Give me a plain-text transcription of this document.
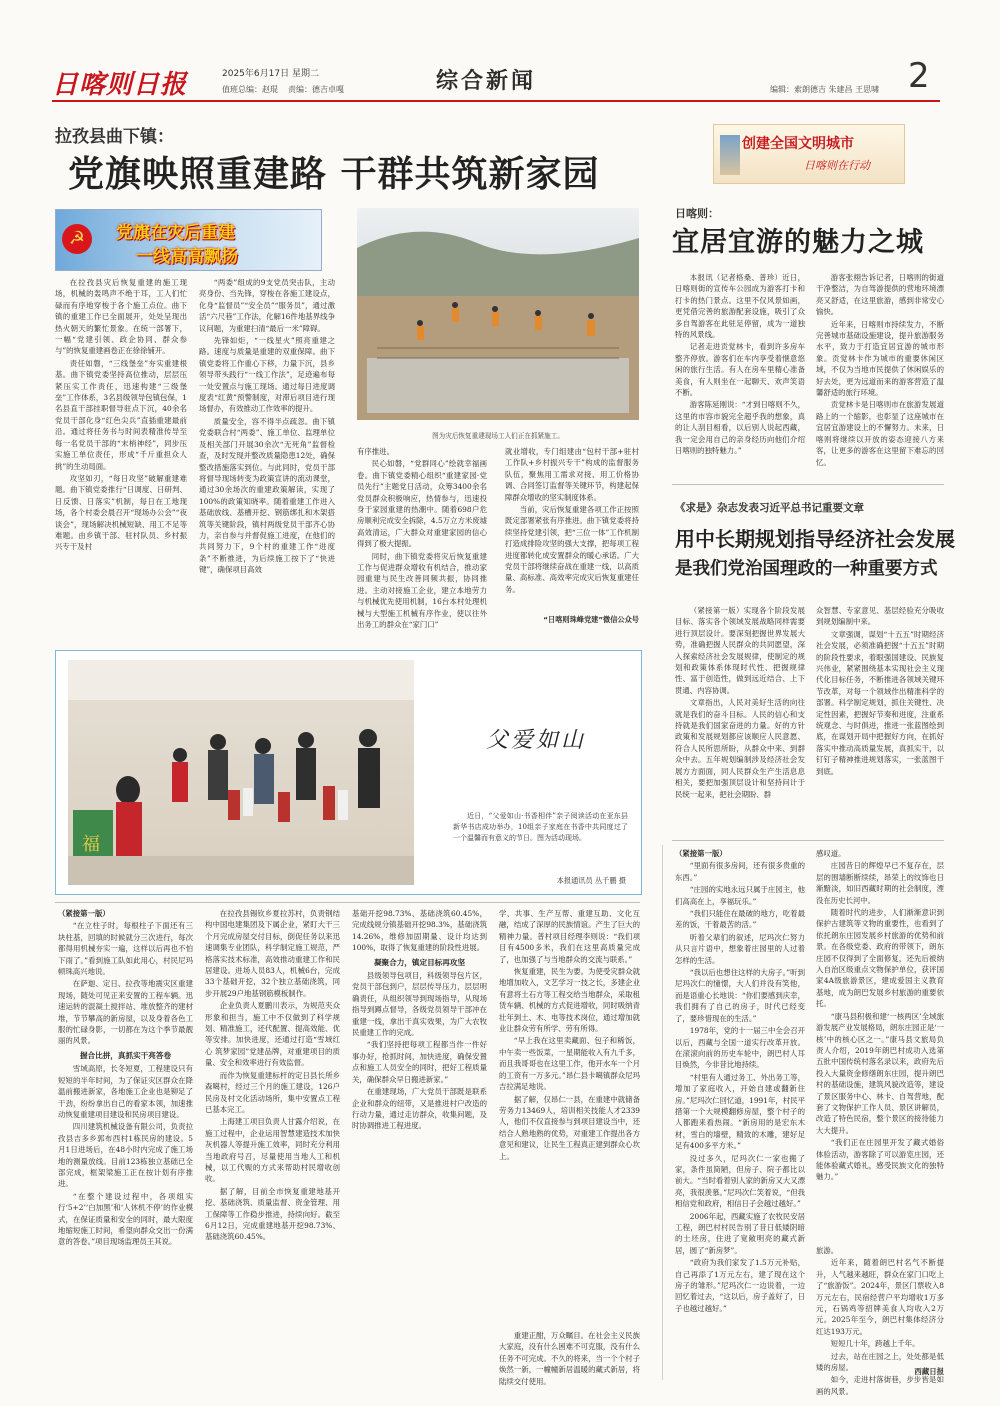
日喀则日报	2025年6月17日 星期二
值班总编：赵琨 责编：德吉卓嘎	综合新闻	2
编辑：索朗德吉 朱建昌 王思啸
拉孜县曲下镇：
党旗映照重建路 干群共筑新家园
☭	党旗在灾后重建
一线高高飘扬

在拉孜县灾后恢复重建的施工现场，机械的轰鸣声不绝于耳，工人们忙碌而有序地穿梭于各个施工点位。曲下镇的重建工作已全面展开，处处呈现出热火朝天的繁忙景象。在统一部署下，一幅“党建引领、政企协同、群众参与”的恢复重建画卷正在徐徐铺开。

责任如磐，“三线堡垒”夯实重建根基。曲下镇党委坚持高位推动，层层压紧压实工作责任，迅速构建“三级堡垒”工作体系，3名县级领导包镇包保，1名县直干部挂职督导驻点下沉，40余名党员干部化身“红色尖兵”直插重建最前沿。通过将任务书与时间表精准传导至每一名党员干部的“末梢神经”，同步压实施工单位责任，形成“千斤重担众人挑”的生动局面。

攻坚如刃，“每日攻坚”破解重建难题。曲下镇党委推行“日调度、日研判、日反馈、日落实”机制，每日在工地现场，各个村委会晨召开“现场办公会”“夜谈会”，现场解决机械短缺、用工不足等难题。由乡镇干部、驻村队员、乡村振兴专干及村

“两委”组成的9支党员突击队，主动亮身份、当先锋，穿梭在各施工建设点，化身“监督员”“安全员”“服务员”，通过激活“六尺巷”工作法，化解16件地基界线争议问题，为重建扫清“最后一米”障碍。

先锋如炬，“一线星火”照亮重建之路。速度与质量是重建的双重保障。曲下镇党委将工作重心下移，力量下沉，县乡领导带头践行“一线工作法”，足迹遍布每一处安置点与施工现场。通过每日进度调度表“红黄”预警制度，对滞后项目进行现场督办，有效推动工作效率的提升。

质量安全，容不得半点疏忽。曲下镇党委联合村“两委”、施工单位、监理单位及相关部门开展30余次“无死角”监督检查，及时发现并整改质量隐患12处，确保整改措施落实到位。与此同时，党员干部将督导现场转变为政策宣讲的流动课堂，通过30余场次的重建政策解读，实现了100%的政策知晓率。随着重建工作进入基础放线、基槽开挖、钢筋绑扎和木架搭筑等关键阶段，镇村两级党员干部齐心协力，亲自参与并督促施工进度，在他们的共同努力下，9个村的重建工作“进度条”不断推进，为后续施工按下了“快进键”，确保项目高效

图为灾后恢复重建现场工人们正在抓紧施工。

有序推进。

民心如磐，“党群同心”绘就幸福画卷。曲下镇党委精心组织“重建家园·党员先行”主题党日活动，众筹3400余名党员群众积极响应，热情参与，迅速投身于家园重建的热潮中。随着698户危房顺利完成安全拆除，4.5万立方米废墟高效清运，广大群众对重建家园的信心得到了极大提振。

同时，曲下镇党委将灾后恢复重建工作与促进群众增收有机结合，推动家园重建与民生改善同频共振，协同推进。主动对接施工企业，建立本地劳力与机械优先使用机制，16台本村处理机械与大型施工机械有序作业，使以往外出务工的群众在“家门口”

就业增收，专门组建由“包村干部+驻村工作队+乡村振兴专干”构成的监督服务队伍，聚焦用工需求对接、用工价格协调、合同签订监督等关键环节，构建起保障群众增收的坚实制度体系。

当前，灾后恢复重建各项工作正按照既定部署紧张有序推进。曲下镇党委将持续坚持党建引领，把“三位一体”工作机制打造成排险攻坚的强大支撑，把每项工程进度都转化成安置群众的暖心承诺。广大党员干部将继续奋战在重建一线，以高质量、高标准、高效率完成灾后恢复重建任务。

“日喀则珠峰党建”微信公众号
创建全国文明城市
日喀则在行动
日喀则：
宜居宜游的魅力之城

本报讯（记者格桑、普珍）近日，日喀则街的宣传车公园成为游客打卡和打卡的热门景点。这里不仅风景如画，更凭借完善的旅游配套设施，吸引了众多自驾游客在此驻足停留，成为一道独特的风景线。

记者走进贡觉林卡，看到许多房车整齐停放。游客们在车内享受着惬意悠闲的旅行生活。有人在房车里精心准备美食，有人则坐在一起聊天、欢声笑语不断。

游客陈延刚说：“才到日喀则不久，这里的市容市貌完全超乎我的想象，真的让人刮目相看，以后别人说起西藏，我一定会用自己的亲身经历向他们介绍日喀则的独特魅力。”

游客张栩告诉记者，日喀则的街道干净整洁，为自驾游提供的营地环境漂亮又舒适，在这里旅游，感到非常安心愉快。

近年来，日喀则市持续发力，不断完善城市基础设施建设，提升旅游服务水平，致力于打造宜居宜游的城市形象。贡觉林卡作为城市的重要休闲区域，不仅为当地市民提供了休闲娱乐的好去处，更为远道而来的游客营造了温馨舒适的旅行环境。

贡觉林卡是日喀则市在旅游发展道路上的一个缩影，也彰显了这座城市在宜居宜游建设上的不懈努力。未来，日喀则将继续以开放的姿态迎接八方来客，让更多的游客在这里留下难忘的回忆。

《求是》杂志发表习近平总书记重要文章
用中长期规划指导经济社会发展
是我们党治国理政的一种重要方式

（紧接第一版）实现各个阶段发展目标、落实各个领域发展战略同样需要进行顶层设计。要深刻把握世界发展大势，准确把握人民群众的共同愿望，深入探索经济社会发展规律，使制定的规划和政策体系体现时代性、把握规律性、富于创造性，做到远近结合、上下贯通、内容协调。

文章指出，人民对美好生活的向往就是我们的奋斗目标。人民的信心和支持就是我们国家奋进的力量。好的方针政策和发展规划都应该顺应人民意愿、符合人民所思所盼，从群众中来、到群众中去。五年规划编制涉及经济社会发展方方面面，同人民群众生产生活息息相关，要把加强顶层设计和坚持问计于民统一起来，把社会期盼、群

众智慧、专家意见、基层经验充分吸收到规划编制中来。

文章强调，谋划“十五五”时期经济社会发展，必须准确把握“十五五”时期的阶段性要求，着眼强国建设、民族复兴伟业，紧紧围绕基本实现社会主义现代化目标任务，不断推进各领域关键环节改革，对每一个领域作出精准科学的部署。科学制定规划，抓住关键性、决定性因素，把握好节奏和进度，注重系统观念、与时俱进，推进一张蓝图绘到底，在谋划开局中把握好方向，在抓好落实中推动高质量发展，真抓实干，以钉钉子精神推进规划落实，一张蓝图干到底。

福
父爱如山
近日，“父爱如山·书香相伴”亲子阅读活动在亚东县新华书店成功举办，10组亲子家庭在书香中共同度过了一个温馨而有意义的节日。图为活动现场。
本报通讯员 丛千鹏 摄

（紧接第一版）

“在立柱子时，每根柱子下面还有三块柱基，回填的时候就分三次进行，每次都得用机械夯实一遍，这样以后再也不怕下雨了。”看到施工队如此用心，村民尼玛顿珠高兴地说。

在萨迦、定日、拉孜等地震灾区重建现场，随处可见正来安置的工程车辆。迅速运转的混凝土搅拌站、堆放整齐的建材堆，节节攀高的新房屋，以及身着各色工服的忙碌身影，一切都在为这个季节最靓丽的风景。

握合比拼，真抓实干亮答卷

雪域高原，长冬短夏，工程建设只有短短的半年时间，为了保证灾区群众在降温前搬进新家，各地施工企业也是铆足了干劲，纷纷拿出自己的看家本领，加速推动恢复重建项目建设和民房项目建设。

四川建筑机械设备有限公司，负责拉孜县吉多乡郭布西村1栋民房的建设。5月1日进场后，在48小时内完成了施工场地的测量放线。目前123栋独立基础已全部完成，框架梁施工正在按计划有序推进。

“在整个建设过程中，各项组实行‘5+2’‘白加黑’和‘人休机不停’的作业模式，在保证质量和安全的同时，最大限度地缩短施工时间，希望向群众交出一份满意的答卷。”项目现场监理员王其说。

在拉孜县锡钦乡夏拉苏村，负责钢结构中国电建集团及下属企业，紧盯大干三个月完成房屋交付目标，倒促任务以来迅速调集专业团队，科学制定施工规范，严格落实技术标准，高效推动重建工作和民居建设。进场人员83人，机械6台，完成33个基础开挖，32个独立基础浇筑，同步开展29户地基钢筋模板制作。

企业负责人夏鹏川表示，为规范夹众形象和担当，施工中不仅做到了科学规划、精准施工，还代配置、提高效能、优等安排。加快进度，还通过打造“雪域红心 筑梦家园”党建品牌，对重建项目的质量、安全和效率进行有效监督。

而作为恢复重建标杆的定日县长所乡森噶村，经过三个月的施工建设，126户民房及村文化活动场所，集中安置点工程已基本完工。

上海建工项目负责人甘露介绍说，在施工过程中，企业运用智慧建造技术加快灰机器人等提升施工效率，同时充分利用当地政府号召，尽量使用当地人工和机械，以工代赈的方式来帮助村民增收创收。

据了解，目前全市恢复重建地基开挖、基础浇筑、质量监督、资金管理、用工保障等工作稳步推进，持续向好。截至6月12日，完成重建地基开挖98.73%、基础浇筑60.45%。

基础开挖98.73%、基础浇筑60.45%，完成线规分镇基础开挖98.3%，基础浇筑14.26%，维修加固期量、设计均达到100%，取得了恢复重建的阶段性进展。

凝聚合力，镇定目标再攻坚

县级领导包项目，科级领导包片区，党员干部包到户，层层传导压力，层层明确责任，从组织领导到现场指导，从现场指导到蹲点督导，各级党员领导干部冲在重建一线，拿出干真实效果，为广大农牧民重建工作的完成。

“我们坚持把每项工程都当作一件好事办好，抢抓时间，加快进度，确保安置点和施工人员安全的同时，把好工程质量关，确保群众早日搬进新家。”

在重建现场，广大党员干部既是联系企业和群众的纽带，又是推进村户改造的行动力量，通过走访群众，收集问题，及时协调推进工程进度。

学、共事、生产互帮、重建互助、文化互融，结成了深厚的民族情谊。产生了巨大的精神力量。普村项目经理李则说：“我们项目有4500多米，我们在这里高质量完成了，也加强了与当地群众的交流与联系。”

恢复重建，民生为要。为使受灾群众就地增加收入，文艺学习一技之长，多建企业有意将土石方等工程交给当地群众，采取租赁车辆、机械的方式促进增收，同时吸纳青壮年到土、木、电等技术岗位，通过增加就业让群众劳有所学、劳有所得。

“早上我在这里卖藏面、包子和稀饭，中午卖一些饭菜，一星期能收入有九千多，而且我哥哥也在这里工作，他开水车一个月的工资有一万多元。”昂仁县卡噶镇群众尼玛吉拉满足地说。

据了解，仅昂仁一县，在重建中就储备劳务力13469人，培训相关技能人才2339人，他们不仅直接参与到项目建设当中，还结合人熟地熟的优势，对重建工作提出各方意见和建议，让民生工程真正建到群众心坎上。

重建正酣，万众瞩目。在社会主义民族大家庭，没有什么困难不可克服，没有什么任务不可完成。不久的将来，当一个个村子焕然一新，一幢幢新居温暖的藏式新居，将陆续交付使用。

（紧接第一版）

“里面有很多房间，还有很多贵重的东西。”

“庄园的实地永远只属于庄园主，他们高高在上，享福玩乐。”

“我们只能住在最破的地方，吃着最差的饭，干着最苦的活。”

听着父辈们的叙述，尼玛次仁努力从只言片语中，想象着庄园里的人过着怎样的生活。

“我以后也想住这样的大房子。”听到尼玛次仁的憧憬，大人们并没有笑他，而是语重心长地说：“你们要感到庆幸，我们拥有了自己的房子，时代已经变了，要珍惜现在的生活。”

1978年，党的十一届三中全会召开以后，西藏与全国一道实行改革开放。在滚滚向前的历史车轮中，朗巴村人耳目焕然，今非昔比地持续。

“村里有人通过务工、外出务工等，增加了家庭收入，开始自建或翻新住房。”尼玛次仁回忆道，1991年，村民平措第一个大规模翻修房屋，整个村子的人都跑来看热闹。“新房用的是宏东木材，雪白的墙壁，精致的木雕，建好足足有400多平方米。”

没过多久，尼玛次仁一家也搬了家，条件虽简陋，但房子、院子都比以前大。“当时看着别人家的新房又大又漂亮，我很羡慕。”尼玛次仁笑着说，“但我相信党和政府，相信日子会越过越好。”

2006年起，西藏实施了农牧民安居工程，朗巴村村民告别了昔日低矮阴暗的土坯房，住进了宽敞明亮的藏式新居，圆了“新房梦”。

“政府为我们家发了1.5万元补贴，自己再添了1万元左右，建了现在这个房子的雏形。”尼玛次仁一边说着，一边回忆着过去，“这以后，房子盖好了，日子也越过越好。”

感叹道。

庄园昔日的辉煌早已不复存在，层层的围墙断断续续，昂荣上的纹饰也日渐黯淡，如旧西藏时期的社会制度，湮没在历史长河中。

随着时代的进步，人们渐渐意识到保护古建筑等文物的重要性，也看到了依托朗东庄园发展乡村旅游的优势和前景。在各级党委、政府的带领下，朗东庄园不仅得到了全面修复，还先后被纳入自治区级重点文物保护单位，获评国家4A级旅游景区，建成爱国主义教育基地，成为朗巴发展乡村旅游的重要依托。

“康马县积极和建‘一核两区’全域旅游发展产业发展格局，朗东庄园正是‘一核’中的核心区之一。”康马县文旅局负责人介绍，2019年朗巴村成功入选第五批中国传统村落名录以来，政府先后投入大量资金修缮朗东庄园，提升朗巴村的基础设施，建筑风貌改造等，建设了景区服务中心、林卡、自驾营地，配套了文物保护工作人员、景区讲解员，改造了特色民宿，整个景区的接待能力大大提升。

“我们正在庄园里开发了藏式婚俗体验活动，游客除了可以游览庄园，还能体验藏式婚礼，感受民族文化的独特魅力。”

旅游。

近年来，随着朗巴村名气不断提升，人气越来越旺，群众在家门口吃上了“旅游饭”。2024年，景区门票收入8万元左右，民宿经营户平均增收1万多元，石锅鸡等招牌美食人均收入2万元。2025年至今，朗巴村集体经济分红达193万元。

短短几十年，跨越上千年。

过去，站在庄园之上，处处都是低矮的房屋。

如今，走进村落街巷，步步皆是如画的风景。

西藏日报
